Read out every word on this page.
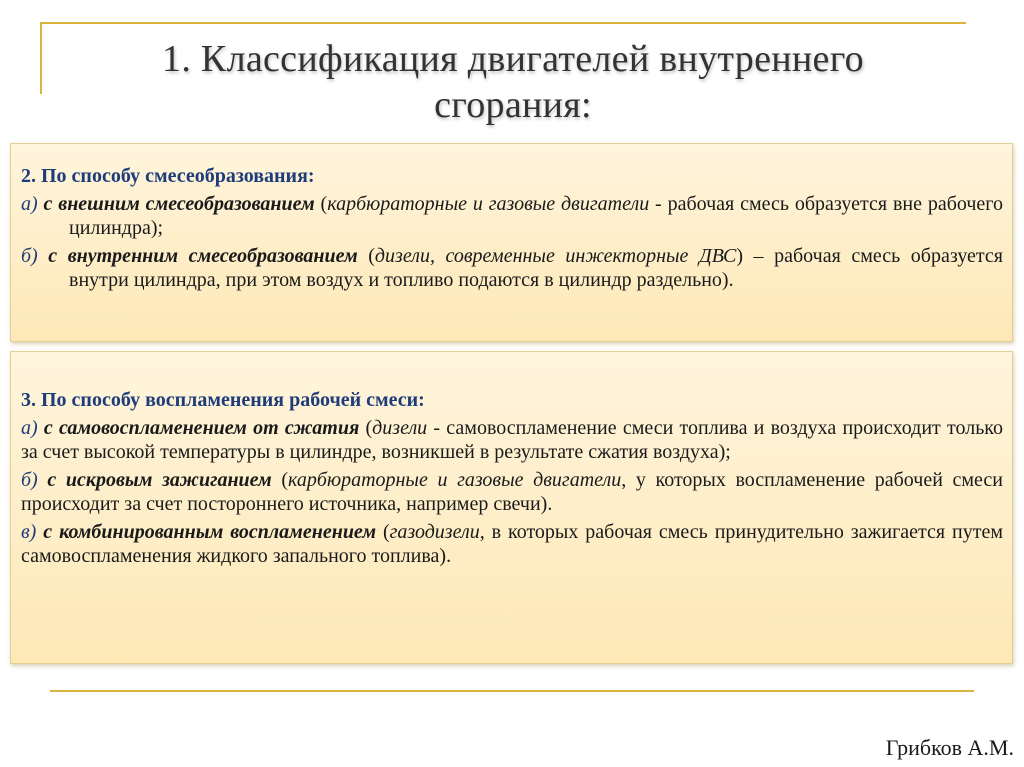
1. Классификация двигателей внутреннего
сгорания:
2. По способу смесеобразования:
а) с внешним смесеобразованием (карбюраторные и газовые двигатели - рабочая смесь образуется вне рабочего цилиндра);
б) с внутренним смесеобразованием (дизели, современные инжекторные ДВС) – рабочая смесь образуется внутри цилиндра, при этом воздух и топливо подаются в цилиндр раздельно).
3. По способу воспламенения рабочей смеси:
а) с самовоспламенением от сжатия (дизели - самовоспламенение смеси топлива и воздуха происходит только за счет высокой температуры в цилиндре, возникшей в результате сжатия воздуха);
б) с искровым зажиганием (карбюраторные и газовые двигатели, у которых воспламенение рабочей смеси происходит за счет постороннего источника, например свечи).
в) с комбинированным воспламенением (газодизели, в которых рабочая смесь принудительно зажигается путем самовоспламенения жидкого запального топлива).
Грибков А.М.
